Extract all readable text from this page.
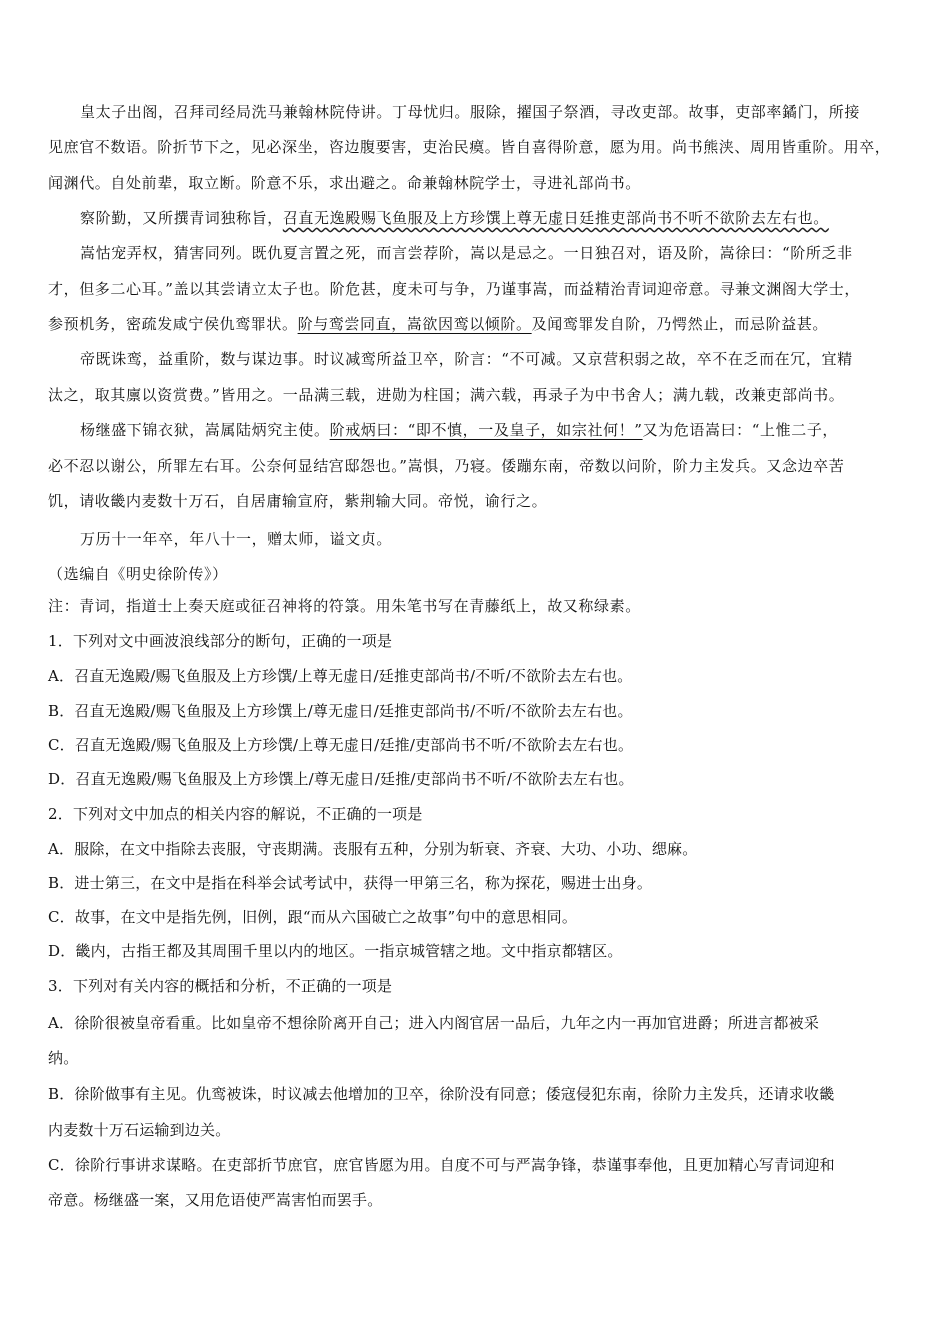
皇太子出阁，召拜司经局洗马兼翰林院侍讲。丁母忧归。服除，擢国子祭酒，寻改吏部。故事，吏部率鐍门，所接
见庶官不数语。阶折节下之，见必深坐，咨边腹要害，吏治民瘼。皆自喜得阶意，愿为用。尚书熊浃、周用皆重阶。用卒，
闻渊代。自处前辈，取立断。阶意不乐，求出避之。命兼翰林院学士，寻进礼部尚书。
察阶勤，又所撰青词独称旨，召直无逸殿赐飞鱼服及上方珍馔上尊无虚日廷推吏部尚书不听不欲阶去左右也。
嵩怙宠弄权，猜害同列。既仇夏言置之死，而言尝荐阶，嵩以是忌之。一日独召对，语及阶，嵩徐曰：“阶所乏非
才，但多二心耳。”盖以其尝请立太子也。阶危甚，度未可与争，乃谨事嵩，而益精治青词迎帝意。寻兼文渊阁大学士，
参预机务，密疏发咸宁侯仇鸾罪状。阶与鸾尝同直，嵩欲因鸾以倾阶。及闻鸾罪发自阶，乃愕然止，而忌阶益甚。
帝既诛鸾，益重阶，数与谋边事。时议减鸾所益卫卒，阶言：“不可减。又京营积弱之故，卒不在乏而在冗，宜精
汰之，取其廪以资赏费。”皆用之。一品满三载，进勋为柱国；满六载，再录子为中书舍人；满九载，改兼吏部尚书。
杨继盛下锦衣狱，嵩属陆炳究主使。阶戒炳曰：“即不慎，一及皇子，如宗社何！”又为危语嵩曰：“上惟二子，
必不忍以谢公，所罪左右耳。公奈何显结宫邸怨也。”嵩惧，乃寝。倭蹦东南，帝数以问阶，阶力主发兵。又念边卒苦
饥，请收畿内麦数十万石，自居庸输宣府，紫荆输大同。帝悦，谕行之。
万历十一年卒，年八十一，赠太师，谥文贞。
（选编自《明史徐阶传》）
注：青词，指道士上奏天庭或征召神将的符箓。用朱笔书写在青藤纸上，故又称绿素。
1．下列对文中画波浪线部分的断句，正确的一项是
A．召直无逸殿/赐飞鱼服及上方珍馔/上尊无虚日/廷推吏部尚书/不听/不欲阶去左右也。
B．召直无逸殿/赐飞鱼服及上方珍馔上/尊无虚日/廷推吏部尚书/不听/不欲阶去左右也。
C．召直无逸殿/赐飞鱼服及上方珍馔/上尊无虚日/廷推/吏部尚书不听/不欲阶去左右也。
D．召直无逸殿/赐飞鱼服及上方珍馔上/尊无虚日/廷推/吏部尚书不听/不欲阶去左右也。
2．下列对文中加点的相关内容的解说，不正确的一项是
A．服除，在文中指除去丧服，守丧期满。丧服有五种，分别为斩衰、齐衰、大功、小功、缌麻。
B．进士第三，在文中是指在科举会试考试中，获得一甲第三名，称为探花，赐进士出身。
C．故事，在文中是指先例，旧例，跟“而从六国破亡之故事”句中的意思相同。
D．畿内，古指王都及其周围千里以内的地区。一指京城管辖之地。文中指京都辖区。
3．下列对有关内容的概括和分析，不正确的一项是
A．徐阶很被皇帝看重。比如皇帝不想徐阶离开自己；进入内阁官居一品后，九年之内一再加官进爵；所进言都被采
纳。
B．徐阶做事有主见。仇鸾被诛，时议减去他增加的卫卒，徐阶没有同意；倭寇侵犯东南，徐阶力主发兵，还请求收畿
内麦数十万石运输到边关。
C．徐阶行事讲求谋略。在吏部折节庶官，庶官皆愿为用。自度不可与严嵩争锋，恭谨事奉他，且更加精心写青词迎和
帝意。杨继盛一案，又用危语使严嵩害怕而罢手。
